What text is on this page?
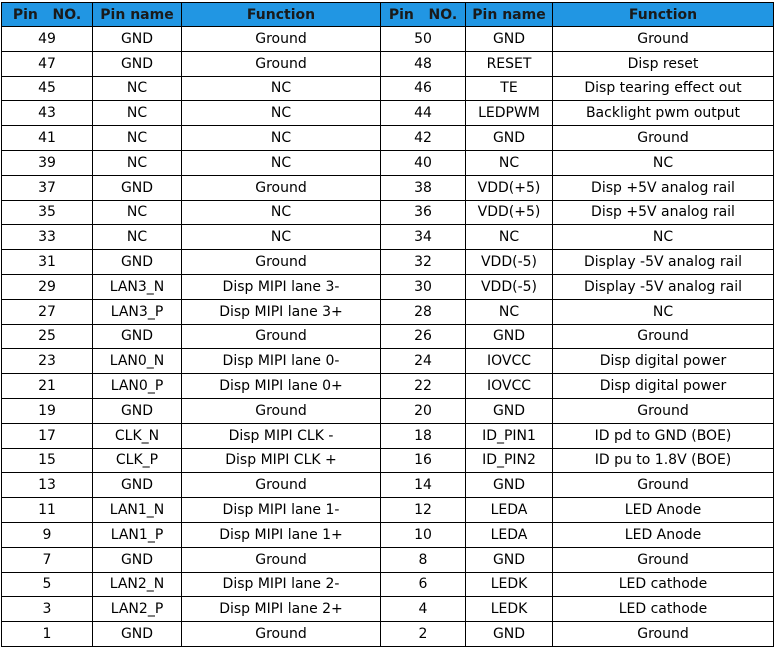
Pin   NO.	Pin name	Function	Pin   NO.	Pin name	Function
49	GND	Ground	50	GND	Ground
47	GND	Ground	48	RESET	Disp reset
45	NC	NC	46	TE	Disp tearing effect out
43	NC	NC	44	LEDPWM	Backlight pwm output
41	NC	NC	42	GND	Ground
39	NC	NC	40	NC	NC
37	GND	Ground	38	VDD(+5)	Disp +5V analog rail
35	NC	NC	36	VDD(+5)	Disp +5V analog rail
33	NC	NC	34	NC	NC
31	GND	Ground	32	VDD(-5)	Display -5V analog rail
29	LAN3_N	Disp MIPI lane 3-	30	VDD(-5)	Display -5V analog rail
27	LAN3_P	Disp MIPI lane 3+	28	NC	NC
25	GND	Ground	26	GND	Ground
23	LAN0_N	Disp MIPI lane 0-	24	IOVCC	Disp digital power
21	LAN0_P	Disp MIPI lane 0+	22	IOVCC	Disp digital power
19	GND	Ground	20	GND	Ground
17	CLK_N	Disp MIPI CLK -	18	ID_PIN1	ID pd to GND (BOE)
15	CLK_P	Disp MIPI CLK +	16	ID_PIN2	ID pu to 1.8V (BOE)
13	GND	Ground	14	GND	Ground
11	LAN1_N	Disp MIPI lane 1-	12	LEDA	LED Anode
9	LAN1_P	Disp MIPI lane 1+	10	LEDA	LED Anode
7	GND	Ground	8	GND	Ground
5	LAN2_N	Disp MIPI lane 2-	6	LEDK	LED cathode
3	LAN2_P	Disp MIPI lane 2+	4	LEDK	LED cathode
1	GND	Ground	2	GND	Ground
